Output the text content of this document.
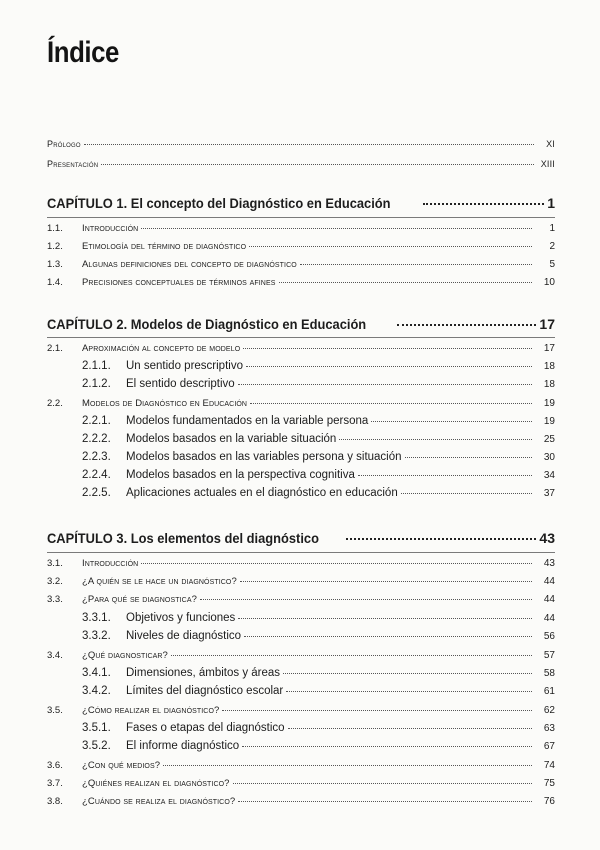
Índice
Prólogo	XI
Presentación	XIII
CAPÍTULO 1. El concepto del Diagnóstico en Educación	1
1.1.	Introducción	1
1.2.	Etimología del término de diagnóstico	2
1.3.	Algunas definiciones del concepto de diagnóstico	5
1.4.	Precisiones conceptuales de términos afines	10
CAPÍTULO 2. Modelos de Diagnóstico en Educación	17
2.1.	Aproximación al concepto de modelo	17
2.1.1.	Un sentido prescriptivo	18
2.1.2.	El sentido descriptivo	18
2.2.	Modelos de Diagnóstico en Educación	19
2.2.1.	Modelos fundamentados en la variable persona	19
2.2.2.	Modelos basados en la variable situación	25
2.2.3.	Modelos basados en las variables persona y situación	30
2.2.4.	Modelos basados en la perspectiva cognitiva	34
2.2.5.	Aplicaciones actuales en el diagnóstico en educación	37
CAPÍTULO 3. Los elementos del diagnóstico	43
3.1.	Introducción	43
3.2.	¿A quién se le hace un diagnóstico?	44
3.3.	¿Para qué se diagnostica?	44
3.3.1.	Objetivos y funciones	44
3.3.2.	Niveles de diagnóstico	56
3.4.	¿Qué diagnosticar?	57
3.4.1.	Dimensiones, ámbitos y áreas	58
3.4.2.	Límites del diagnóstico escolar	61
3.5.	¿Cómo realizar el diagnóstico?	62
3.5.1.	Fases o etapas del diagnóstico	63
3.5.2.	El informe diagnóstico	67
3.6.	¿Con qué medios?	74
3.7.	¿Quiénes realizan el diagnóstico?	75
3.8.	¿Cuándo se realiza el diagnóstico?	76
